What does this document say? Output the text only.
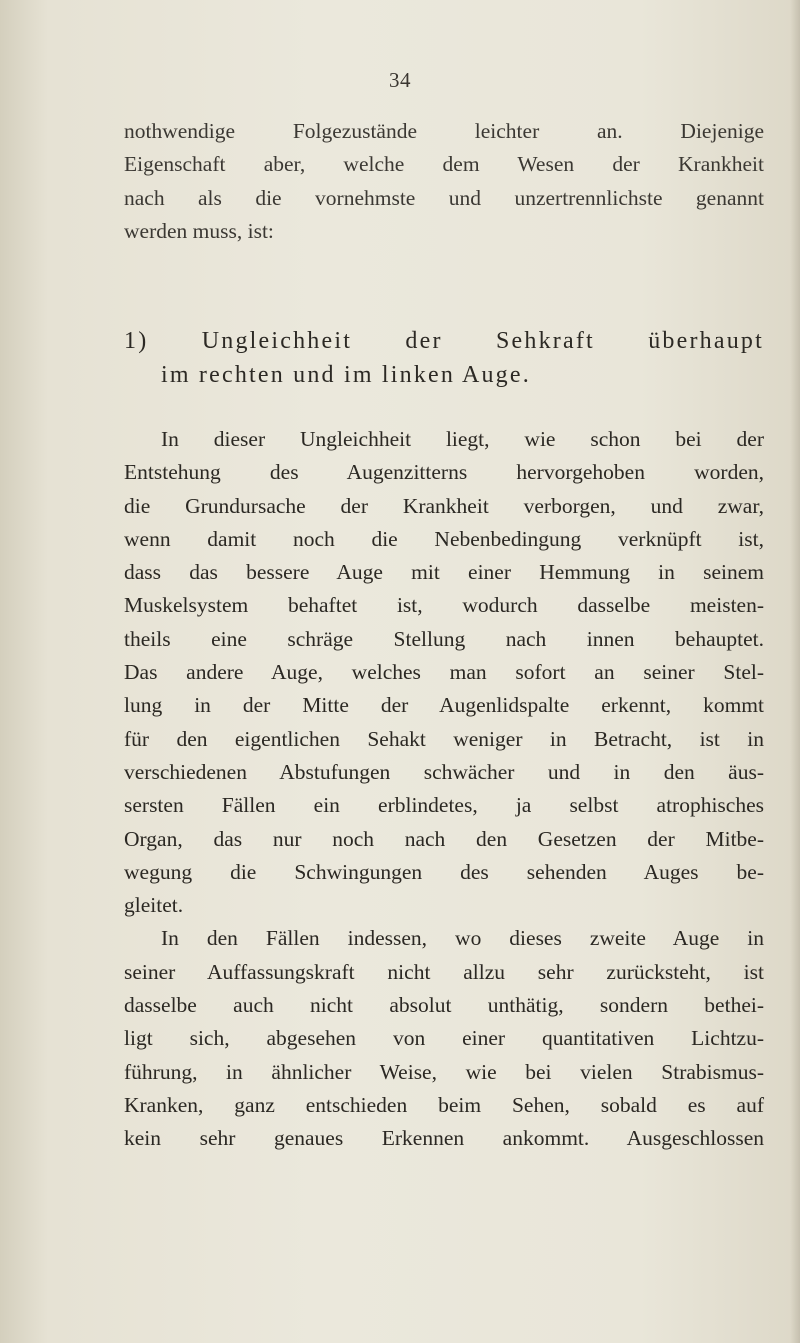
34
nothwendige Folgezustände leichter an. Diejenige
Eigenschaft aber, welche dem Wesen der Krankheit
nach als die vornehmste und unzertrennlichste genannt
werden muss, ist:
1) Ungleichheit der Sehkraft überhaupt
im rechten und im linken Auge.
In dieser Ungleichheit liegt, wie schon bei der
Entstehung des Augenzitterns hervorgehoben worden,
die Grundursache der Krankheit verborgen, und zwar,
wenn damit noch die Nebenbedingung verknüpft ist,
dass das bessere Auge mit einer Hemmung in seinem
Muskelsystem behaftet ist, wodurch dasselbe meisten-
theils eine schräge Stellung nach innen behauptet.
Das andere Auge, welches man sofort an seiner Stel-
lung in der Mitte der Augenlidspalte erkennt, kommt
für den eigentlichen Sehakt weniger in Betracht, ist in
verschiedenen Abstufungen schwächer und in den äus-
sersten Fällen ein erblindetes, ja selbst atrophisches
Organ, das nur noch nach den Gesetzen der Mitbe-
wegung die Schwingungen des sehenden Auges be-
gleitet.
In den Fällen indessen, wo dieses zweite Auge in
seiner Auffassungskraft nicht allzu sehr zurücksteht, ist
dasselbe auch nicht absolut unthätig, sondern bethei-
ligt sich, abgesehen von einer quantitativen Lichtzu-
führung, in ähnlicher Weise, wie bei vielen Strabismus-
Kranken, ganz entschieden beim Sehen, sobald es auf
kein sehr genaues Erkennen ankommt. Ausgeschlossen
